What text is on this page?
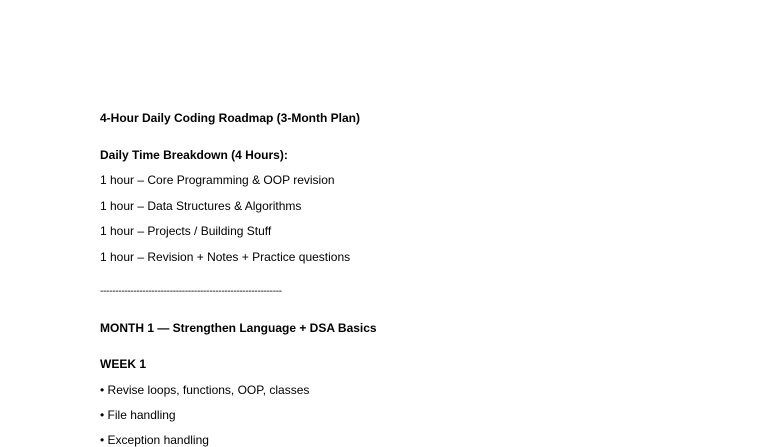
4-Hour Daily Coding Roadmap (3-Month Plan)
Daily Time Breakdown (4 Hours):
1 hour – Core Programming & OOP revision
1 hour – Data Structures & Algorithms
1 hour – Projects / Building Stuff
1 hour – Revision + Notes + Practice questions
------------------------------------------------------------
MONTH 1 — Strengthen Language + DSA Basics
WEEK 1
• Revise loops, functions, OOP, classes
• File handling
• Exception handling
